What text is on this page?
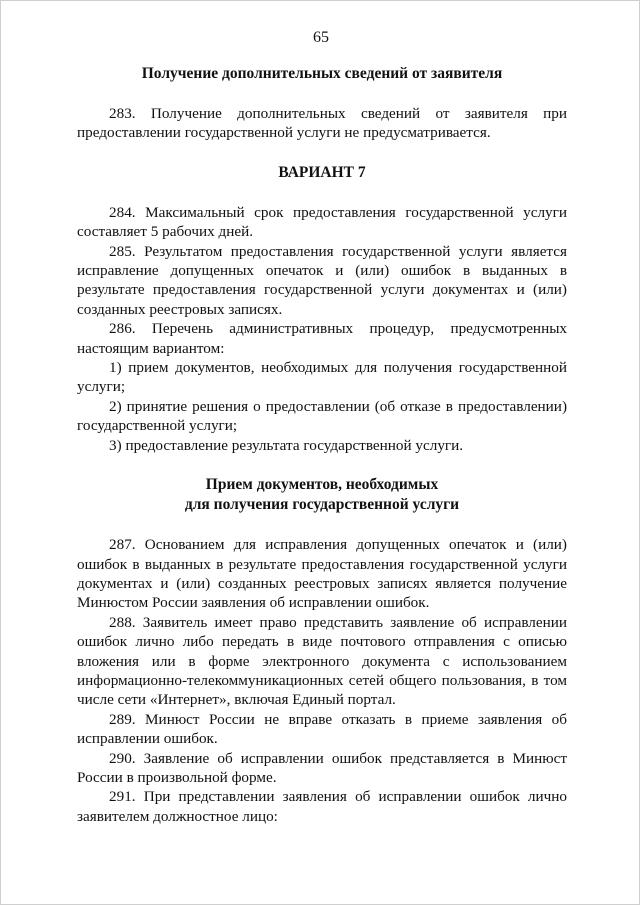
65

Получение дополнительных сведений от заявителя

283. Получение дополнительных сведений от заявителя при предоставлении государственной услуги не предусматривается.

ВАРИАНТ 7

284. Максимальный срок предоставления государственной услуги составляет 5 рабочих дней.

285. Результатом предоставления государственной услуги является исправление допущенных опечаток и (или) ошибок в выданных в результате предоставления государственной услуги документах и (или) созданных реестровых записях.

286. Перечень административных процедур, предусмотренных настоящим вариантом:

1) прием документов, необходимых для получения государственной услуги;

2) принятие решения о предоставлении (об отказе в предоставлении) государственной услуги;

3) предоставление результата государственной услуги.

Прием документов, необходимых

для получения государственной услуги

287. Основанием для исправления допущенных опечаток и (или) ошибок в выданных в результате предоставления государственной услуги документах и (или) созданных реестровых записях является получение Минюстом России заявления об исправлении ошибок.

288. Заявитель имеет право представить заявление об исправлении ошибок лично либо передать в виде почтового отправления с описью вложения или в форме электронного документа с использованием информационно-телекоммуникационных сетей общего пользования, в том числе сети «Интернет», включая Единый портал.

289. Минюст России не вправе отказать в приеме заявления об исправлении ошибок.

290. Заявление об исправлении ошибок представляется в Минюст России в произвольной форме.

291. При представлении заявления об исправлении ошибок лично заявителем должностное лицо:
